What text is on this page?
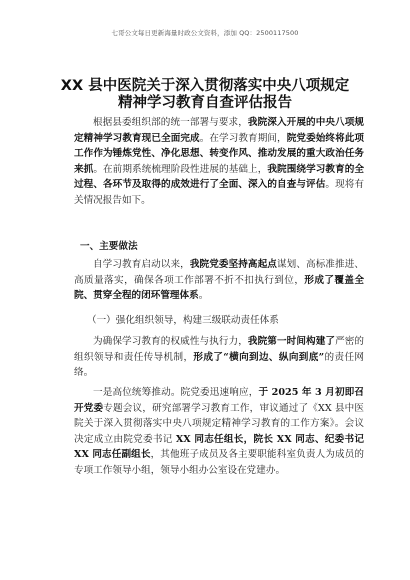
七哥公文每日更新海量时政公文资料，添加 QQ：2500117500
XX 县中医院关于深入贯彻落实中央八项规定
精神学习教育自查评估报告
根据县委组织部的统一部署与要求，我院深入开展的中央八项规定精神学习教育现已全面完成。在学习教育期间，院党委始终将此项工作作为锤炼党性、净化思想、转变作风、推动发展的重大政治任务来抓。在前期系统梳理阶段性进展的基础上，我院围绕学习教育的全过程、各环节及取得的成效进行了全面、深入的自查与评估。现将有关情况报告如下。
一、主要做法
自学习教育启动以来，我院党委坚持高起点谋划、高标准推进、高质量落实，确保各项工作部署不折不扣执行到位，形成了覆盖全院、贯穿全程的闭环管理体系。
（一）强化组织领导，构建三级联动责任体系
为确保学习教育的权威性与执行力，我院第一时间构建了严密的组织领导和责任传导机制，形成了“横向到边、纵向到底”的责任网络。
一是高位统筹推动。院党委迅速响应，于 2025 年 3 月初即召开党委专题会议，研究部署学习教育工作，审议通过了《XX 县中医院关于深入贯彻落实中央八项规定精神学习教育的工作方案》。会议决定成立由院党委书记 XX 同志任组长，院长 XX 同志、纪委书记 XX 同志任副组长，其他班子成员及各主要职能科室负责人为成员的专项工作领导小组，领导小组办公室设在党建办。
